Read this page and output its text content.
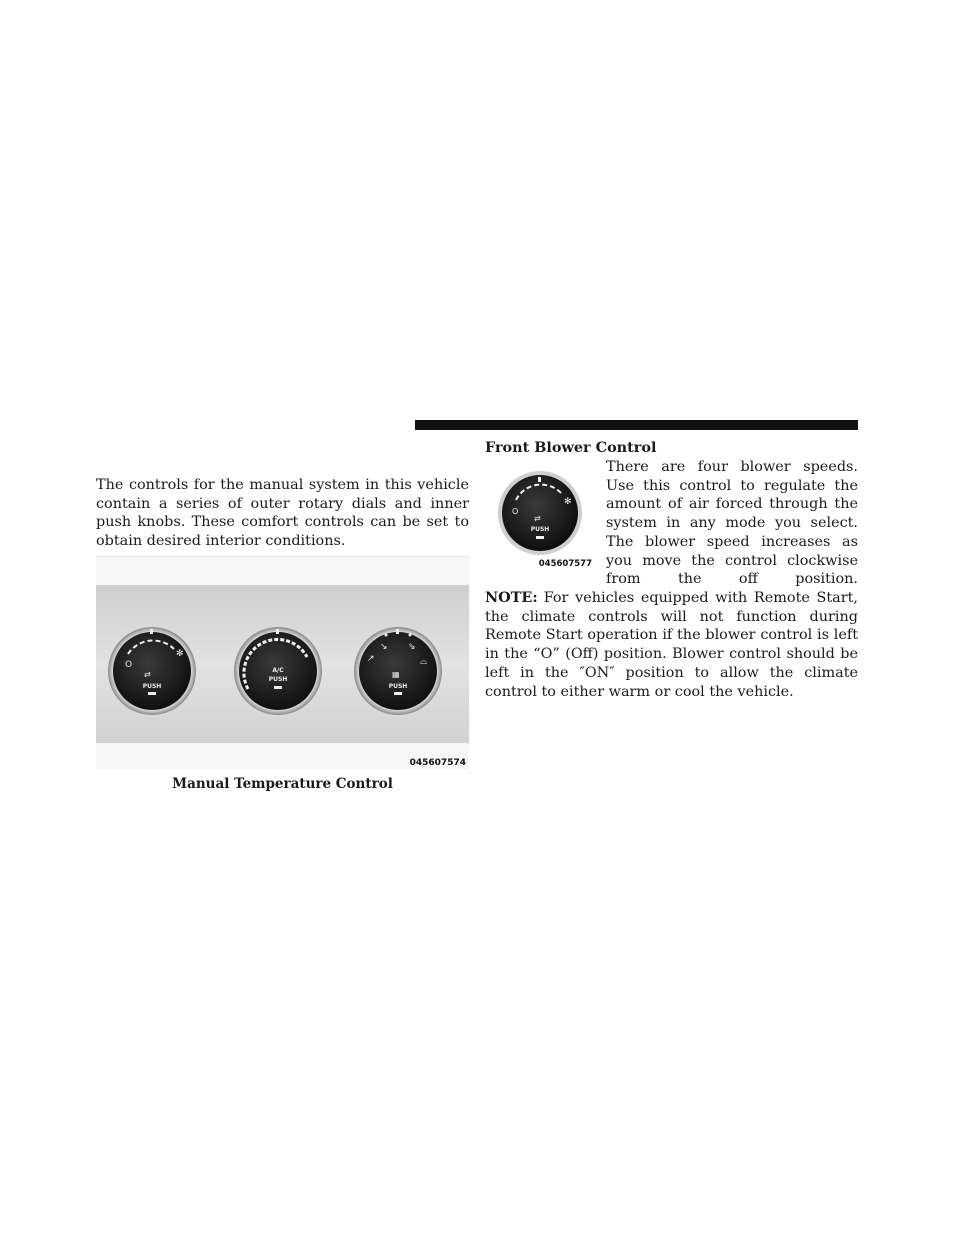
The controls for the manual system in this vehicle contain a series of outer rotary dials and inner push knobs. These comfort controls can be set to obtain desired interior conditions.

O
✻
⇄
PUSH
A/C
PUSH
↗
↘ ⇘
⌓
▦
PUSH
045607574

Manual Temperature Control

Front Blower Control

O
✻
⇄
PUSH
045607577

There are four blower speeds. Use this control to regulate the amount of air forced through the system in any mode you select. The blower speed increases as you move the control clockwise from the off position.

NOTE: For vehicles equipped with Remote Start, the climate controls will not function during Remote Start operation if the blower control is left in the “O” (Off) position. Blower control should be left in the ″ON″ position to allow the climate control to either warm or cool the vehicle.
